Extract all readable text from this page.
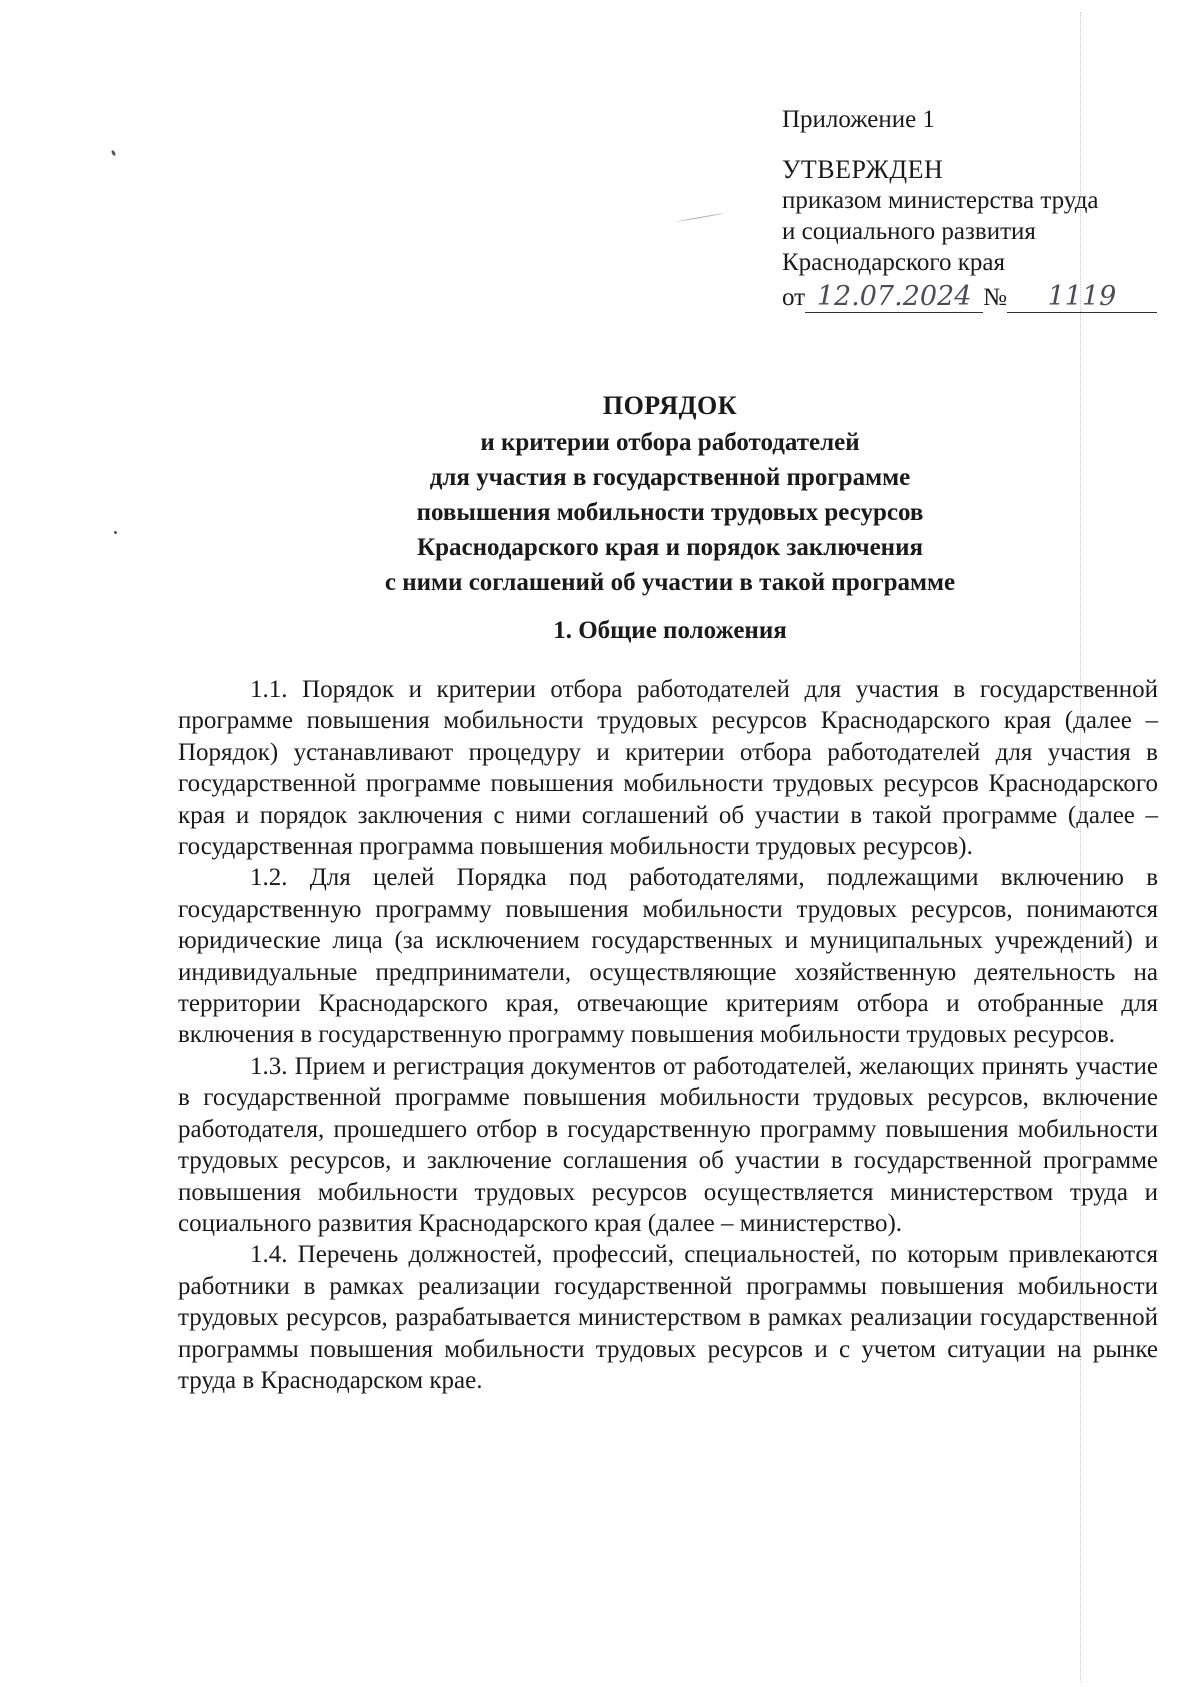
Приложение 1

УТВЕРЖДЕН

приказом министерства труда

и социального развития

Краснодарского края

от 12.07.2024 №	1119

ПОРЯДОК

и критерии отбора работодателей

для участия в государственной программе

повышения мобильности трудовых ресурсов

Краснодарского края и порядок заключения

с ними соглашений об участии в такой программе

1. Общие положения

1.1. Порядок и критерии отбора работодателей для участия в государственной программе повышения мобильности трудовых ресурсов Краснодарского края (далее – Порядок) устанавливают процедуру и критерии отбора работодателей для участия в государственной программе повышения мобильности трудовых ресурсов Краснодарского края и порядок заключения с ними соглашений об участии в такой программе (далее – государственная программа повышения мобильности трудовых ресурсов).

1.2. Для целей Порядка под работодателями, подлежащими включению в государственную программу повышения мобильности трудовых ресурсов, понимаются юридические лица (за исключением государственных и муниципальных учреждений) и индивидуальные предприниматели, осуществляющие хозяйственную деятельность на территории Краснодарского края, отвечающие критериям отбора и отобранные для включения в государственную программу повышения мобильности трудовых ресурсов.

1.3. Прием и регистрация документов от работодателей, желающих принять участие в государственной программе повышения мобильности трудовых ресурсов, включение работодателя, прошедшего отбор в государственную программу повышения мобильности трудовых ресурсов, и заключение соглашения об участии в государственной программе повышения мобильности трудовых ресурсов осуществляется министерством труда и социального развития Краснодарского края (далее – министерство).

1.4. Перечень должностей, профессий, специальностей, по которым привлекаются работники в рамках реализации государственной программы повышения мобильности трудовых ресурсов, разрабатывается министерством в рамках реализации государственной программы повышения мобильности трудовых ресурсов и с учетом ситуации на рынке труда в Краснодарском крае.
